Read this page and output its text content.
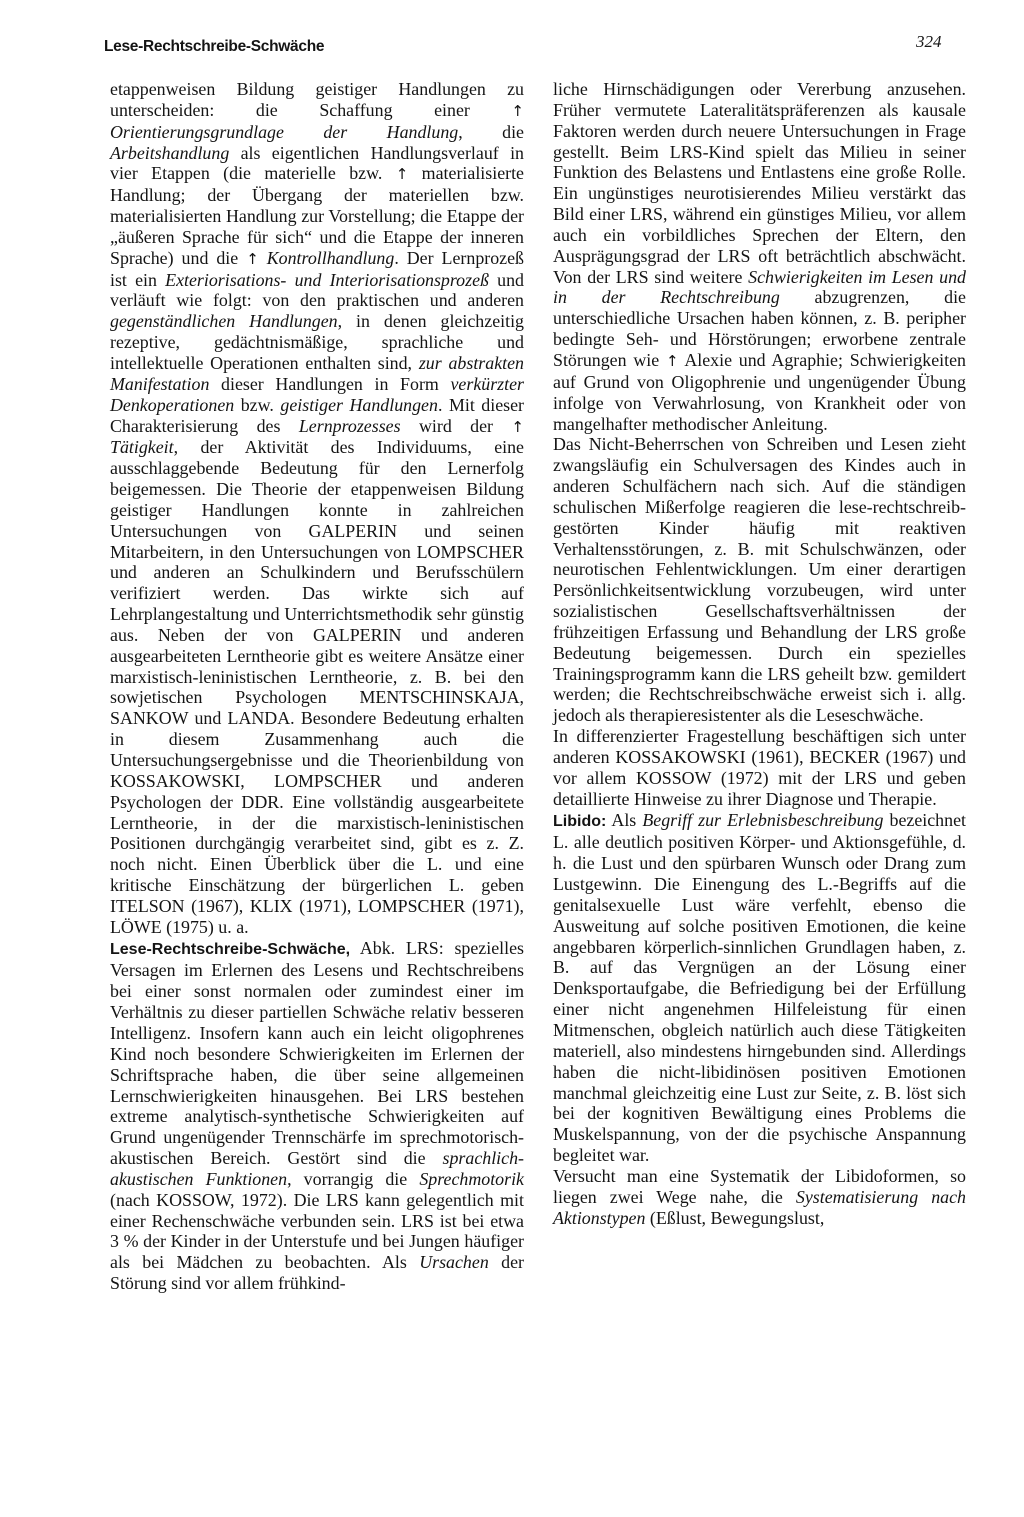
Lese-Rechtschreibe-Schwäche	324

etappenweisen Bildung geistiger Handlungen zu unterscheiden: die Schaffung einer ↑ Orientierungsgrundlage der Handlung, die Arbeitshandlung als eigentlichen Handlungsverlauf in vier Etappen (die materielle bzw. ↑ materialisierte Handlung; der Übergang der materiellen bzw. materialisierten Handlung zur Vorstellung; die Etappe der „äußeren Sprache für sich“ und die Etappe der inneren Sprache) und die ↑ Kontrollhandlung. Der Lernprozeß ist ein Exteriorisations- und Interiorisationsprozeß und verläuft wie folgt: von den praktischen und anderen gegenständlichen Handlungen, in denen gleichzeitig rezeptive, gedächtnismäßige, sprachliche und intellektuelle Operationen enthalten sind, zur abstrakten Manifestation dieser Handlungen in Form verkürzter Denkoperationen bzw. geistiger Handlungen. Mit dieser Charakterisierung des Lernprozesses wird der ↑ Tätigkeit, der Aktivität des Individuums, eine ausschlaggebende Bedeutung für den Lernerfolg beigemessen. Die Theorie der etappenweisen Bildung geistiger Handlungen konnte in zahlreichen Untersuchungen von GALPERIN und seinen Mitarbeitern, in den Untersuchungen von LOMPSCHER und anderen an Schulkindern und Berufsschülern verifiziert werden. Das wirkte sich auf Lehrplangestaltung und Unterrichtsmethodik sehr günstig aus. Neben der von GALPERIN und anderen ausgearbeiteten Lerntheorie gibt es weitere Ansätze einer marxistisch-leninistischen Lerntheorie, z. B. bei den sowjetischen Psychologen MENTSCHINSKAJA, SANKOW und LANDA. Besondere Bedeutung erhalten in diesem Zusammenhang auch die Untersuchungsergebnisse und die Theorienbildung von KOSSAKOWSKI, LOMPSCHER und anderen Psychologen der DDR. Eine vollständig ausgearbeitete Lerntheorie, in der die marxistisch-leninistischen Positionen durchgängig verarbeitet sind, gibt es z. Z. noch nicht. Einen Überblick über die L. und eine kritische Einschätzung der bürgerlichen L. geben ITELSON (1967), KLIX (1971), LOMPSCHER (1971), LÖWE (1975) u. a.

Lese-Rechtschreibe-Schwäche, Abk. LRS: spezielles Versagen im Erlernen des Lesens und Rechtschreibens bei einer sonst normalen oder zumindest einer im Verhältnis zu dieser partiellen Schwäche relativ besseren Intelligenz. Insofern kann auch ein leicht oligophrenes Kind noch besondere Schwierigkeiten im Erlernen der Schriftsprache haben, die über seine allgemeinen Lernschwierigkeiten hinausgehen. Bei LRS bestehen extreme analytisch-synthetische Schwierigkeiten auf Grund ungenügender Trennschärfe im sprechmotorisch-akustischen Bereich. Gestört sind die sprachlich-akustischen Funktionen, vorrangig die Sprechmotorik (nach KOSSOW, 1972). Die LRS kann gelegentlich mit einer Rechenschwäche verbunden sein. LRS ist bei etwa 3 % der Kinder in der Unterstufe und bei Jungen häufiger als bei Mädchen zu beobachten. Als Ursachen der Störung sind vor allem frühkind-

liche Hirnschädigungen oder Vererbung anzusehen. Früher vermutete Lateralitätspräferenzen als kausale Faktoren werden durch neuere Untersuchungen in Frage gestellt. Beim LRS-Kind spielt das Milieu in seiner Funktion des Belastens und Entlastens eine große Rolle. Ein ungünstiges neurotisierendes Milieu verstärkt das Bild einer LRS, während ein günstiges Milieu, vor allem auch ein vorbildliches Sprechen der Eltern, den Ausprägungsgrad der LRS oft beträchtlich abschwächt. Von der LRS sind weitere Schwierigkeiten im Lesen und in der Rechtschreibung abzugrenzen, die unterschiedliche Ursachen haben können, z. B. peripher bedingte Seh- und Hörstörungen; erworbene zentrale Störungen wie ↑ Alexie und Agraphie; Schwierigkeiten auf Grund von Oligophrenie und ungenügender Übung infolge von Verwahrlosung, von Krankheit oder von mangelhafter methodischer Anleitung.

Das Nicht-Beherrschen von Schreiben und Lesen zieht zwangsläufig ein Schulversagen des Kindes auch in anderen Schulfächern nach sich. Auf die ständigen schulischen Mißerfolge reagieren die lese-rechtschreib-gestörten Kinder häufig mit reaktiven Verhaltensstörungen, z. B. mit Schulschwänzen, oder neurotischen Fehlentwicklungen. Um einer derartigen Persönlichkeitsentwicklung vorzubeugen, wird unter sozialistischen Gesellschaftsverhältnissen der frühzeitigen Erfassung und Behandlung der LRS große Bedeutung beigemessen. Durch ein spezielles Trainingsprogramm kann die LRS geheilt bzw. gemildert werden; die Rechtschreibschwäche erweist sich i. allg. jedoch als therapieresistenter als die Leseschwäche.

In differenzierter Fragestellung beschäftigen sich unter anderen KOSSAKOWSKI (1961), BECKER (1967) und vor allem KOSSOW (1972) mit der LRS und geben detaillierte Hinweise zu ihrer Diagnose und Therapie.

Libido: Als Begriff zur Erlebnisbeschreibung bezeichnet L. alle deutlich positiven Körper- und Aktionsgefühle, d. h. die Lust und den spürbaren Wunsch oder Drang zum Lustgewinn. Die Einengung des L.-Begriffs auf die genitalsexuelle Lust wäre verfehlt, ebenso die Ausweitung auf solche positiven Emotionen, die keine angebbaren körperlich-sinnlichen Grundlagen haben, z. B. auf das Vergnügen an der Lösung einer Denksportaufgabe, die Befriedigung bei der Erfüllung einer nicht angenehmen Hilfeleistung für einen Mitmenschen, obgleich natürlich auch diese Tätigkeiten materiell, also mindestens hirngebunden sind. Allerdings haben die nicht-libidinösen positiven Emotionen manchmal gleichzeitig eine Lust zur Seite, z. B. löst sich bei der kognitiven Bewältigung eines Problems die Muskelspannung, von der die psychische Anspannung begleitet war.

Versucht man eine Systematik der Libidoformen, so liegen zwei Wege nahe, die Systematisierung nach Aktionstypen (Eßlust, Bewegungslust,
